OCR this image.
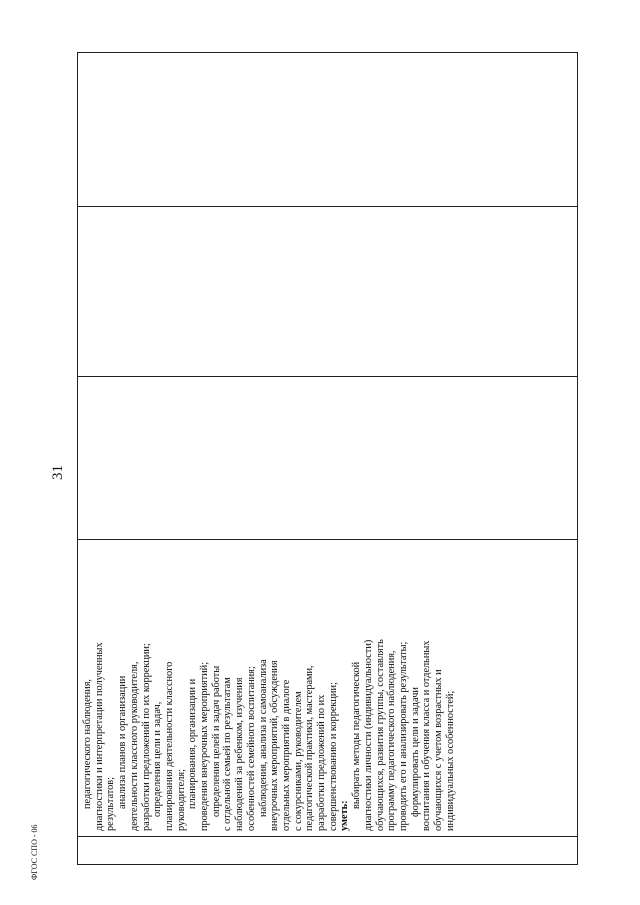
31
ФГОС СПО - 06

педагогического наблюдения, диагностики и интерпретации полученных результатов; анализа планов и организации деятельности классного руководителя, разработки предложений по их коррекции; определения цели и задач, планирования деятельности классного руководителя; планирования, организации и проведения внеурочных мероприятий; определения целей и задач работы с отдельной семьей по результатам наблюдений за ребенком, изучения особенностей семейного воспитания; наблюдения, анализа и самоанализа внеурочных мероприятий, обсуждения отдельных мероприятий в диалоге с сокурсниками, руководителем педагогической практики, мастерами, разработки предложений по их совершенствованию и коррекции; уметь:
выбирать методы педагогической диагностики личности (индивидуальности) обучающихся, развития группы, составлять программу педагогического наблюдения, проводить его и анализировать результаты; формулировать цели и задачи воспитания и обучения класса и отдельных обучающихся с учетом возрастных и индивидуальных особенностей;
